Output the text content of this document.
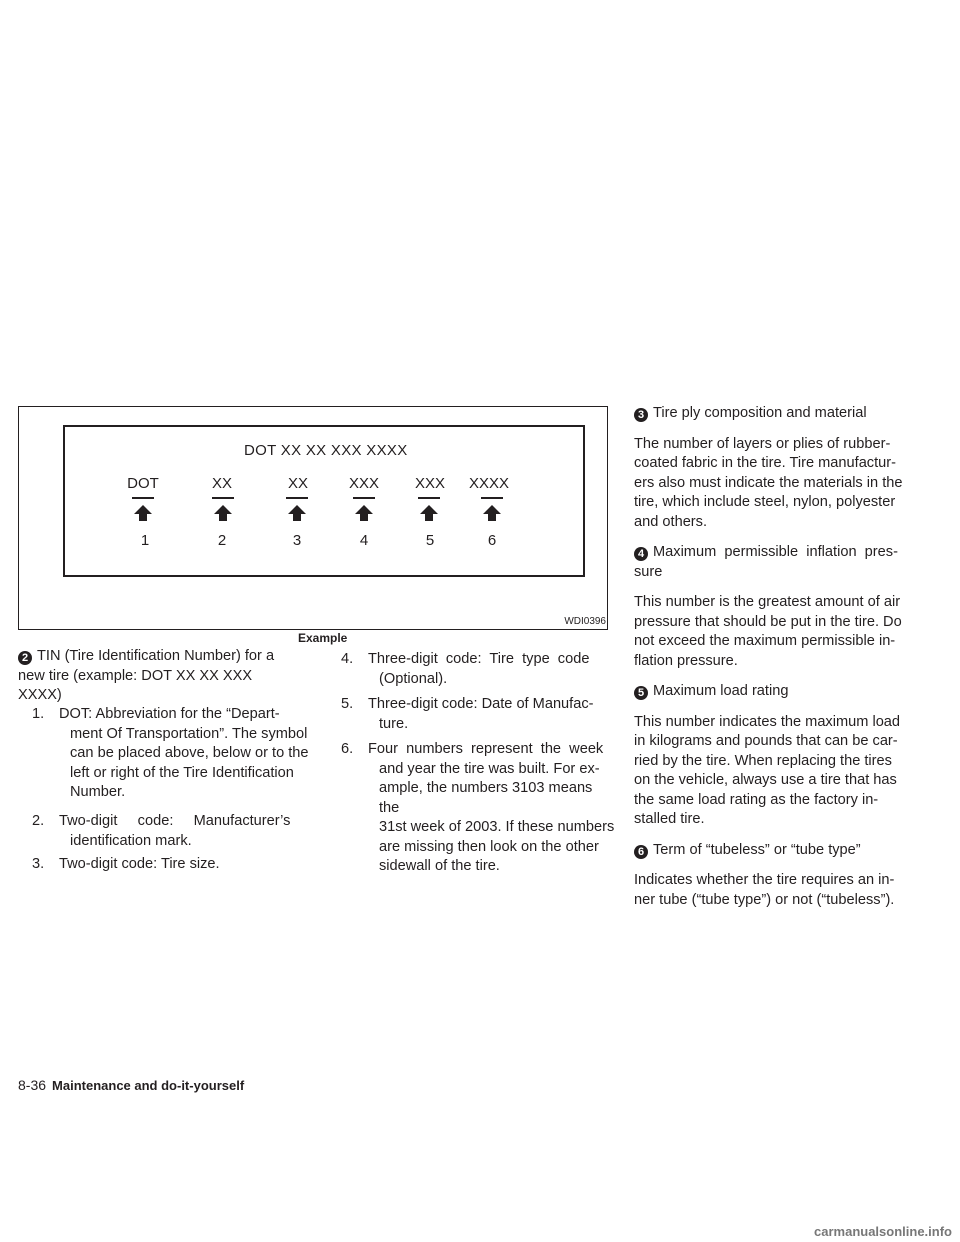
DOT XX XX XXX XXXX
DOT
1
XX
2
XX
3
XXX
4
XXX
5
XXXX
6
WDI0396
Example
2 TIN (Tire Identification Number) for a
new tire (example: DOT XX XX XXX
XXXX)
1. DOT: Abbreviation for the “Depart-
ment Of Transportation”. The symbol
can be placed above, below or to the
left or right of the Tire Identification
Number.
2. Two-digit     code:     Manufacturer’s
identification mark.
3. Two-digit code: Tire size.
4. Three-digit  code:  Tire  type  code
(Optional).
5. Three-digit code: Date of Manufac-
ture.
6. Four  numbers  represent  the  week
and year the tire was built. For ex-
ample, the numbers 3103 means the
31st week of 2003. If these numbers
are missing then look on the other
sidewall of the tire.
3 Tire ply composition and material
The number of layers or plies of rubber-
coated fabric in the tire. Tire manufactur-
ers also must indicate the materials in the
tire, which include steel, nylon, polyester
and others.
4 Maximum  permissible  inflation  pres-
sure
This number is the greatest amount of air
pressure that should be put in the tire. Do
not exceed the maximum permissible in-
flation pressure.
5 Maximum load rating
This number indicates the maximum load
in kilograms and pounds that can be car-
ried by the tire. When replacing the tires
on the vehicle, always use a tire that has
the same load rating as the factory in-
stalled tire.
6 Term of “tubeless” or “tube type”
Indicates whether the tire requires an in-
ner tube (“tube type”) or not (“tubeless”).
8-36 Maintenance and do-it-yourself
carmanualsonline.info
